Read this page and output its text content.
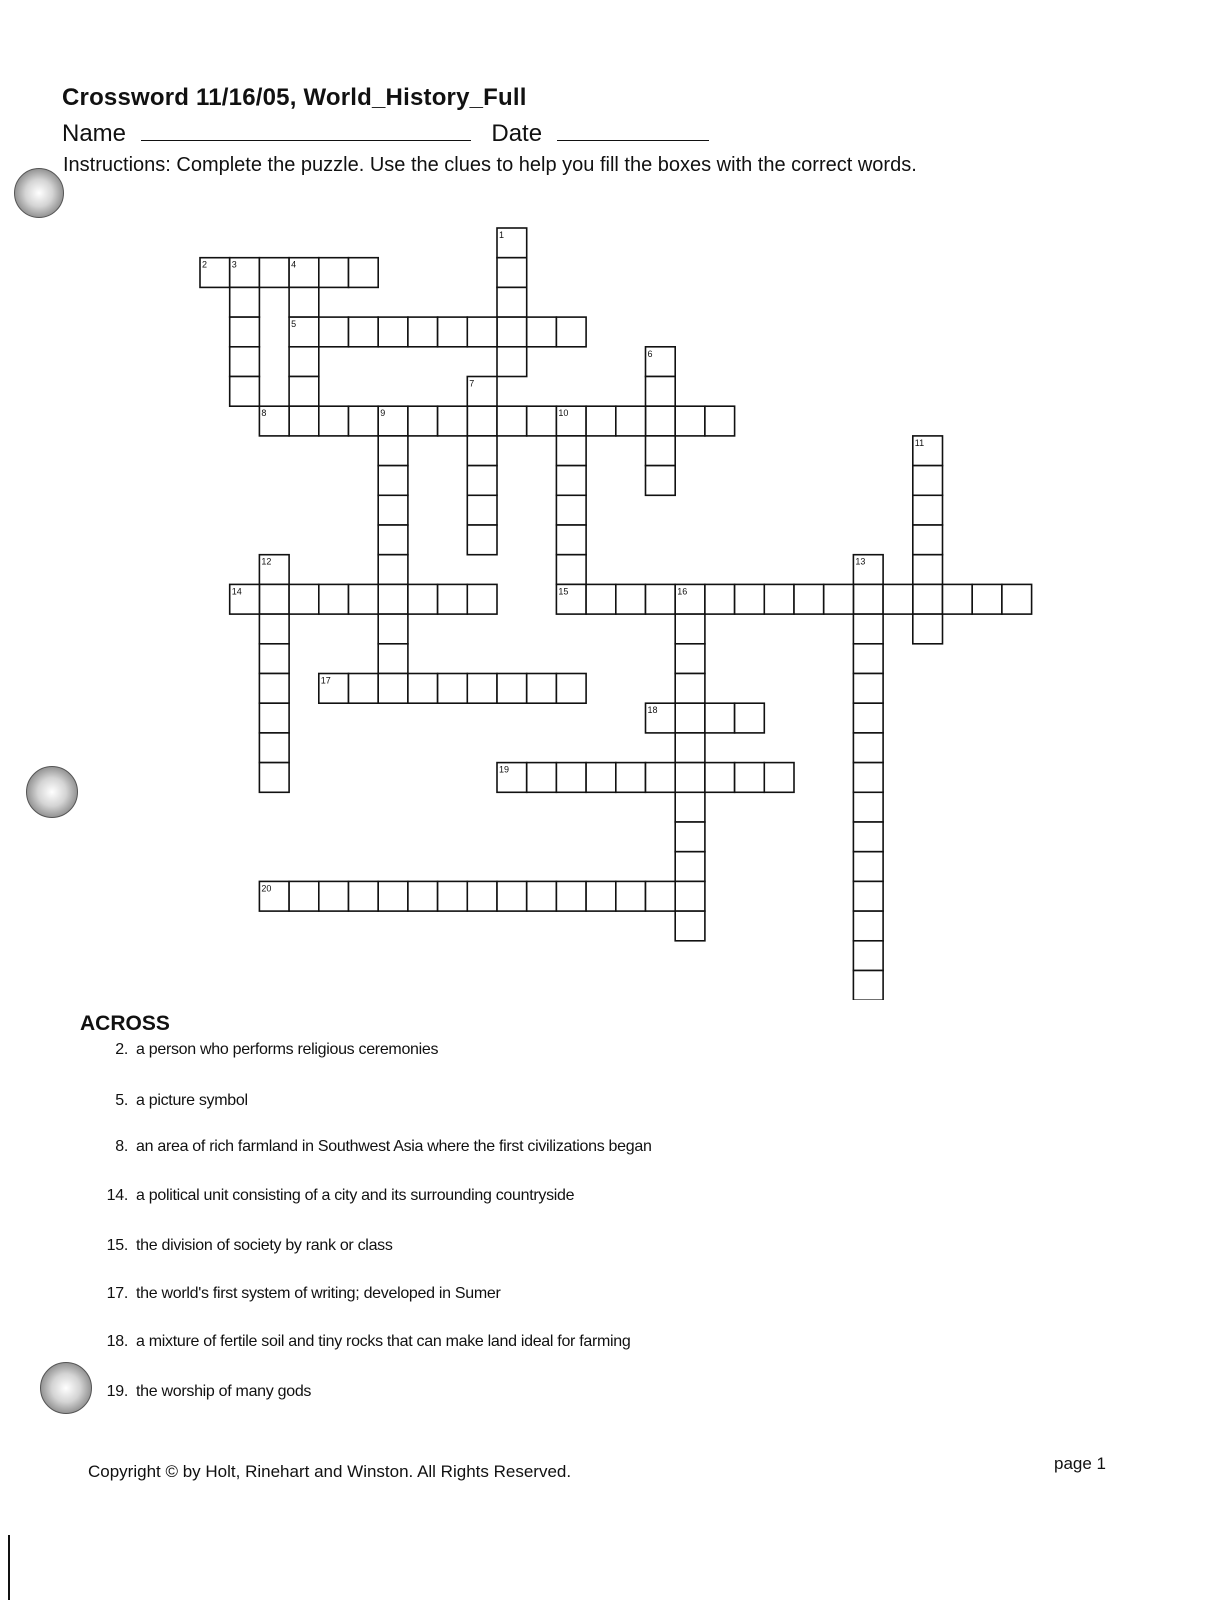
Crossword 11/16/05, World_History_Full
Name	Date
Instructions: Complete the puzzle. Use the clues to help you fill the boxes with the correct words.
1
2	3	4
5
6
7
8	9	10
11
12	13
14	15	16
17
18
19
20
ACROSS
2. a person who performs religious ceremonies
5. a picture symbol
8. an area of rich farmland in Southwest Asia where the first civilizations began
14. a political unit consisting of a city and its surrounding countryside
15. the division of society by rank or class
17. the world's first system of writing; developed in Sumer
18. a mixture of fertile soil and tiny rocks that can make land ideal for farming
19. the worship of many gods
Copyright © by Holt, Rinehart and Winston. All Rights Reserved.	page 1
